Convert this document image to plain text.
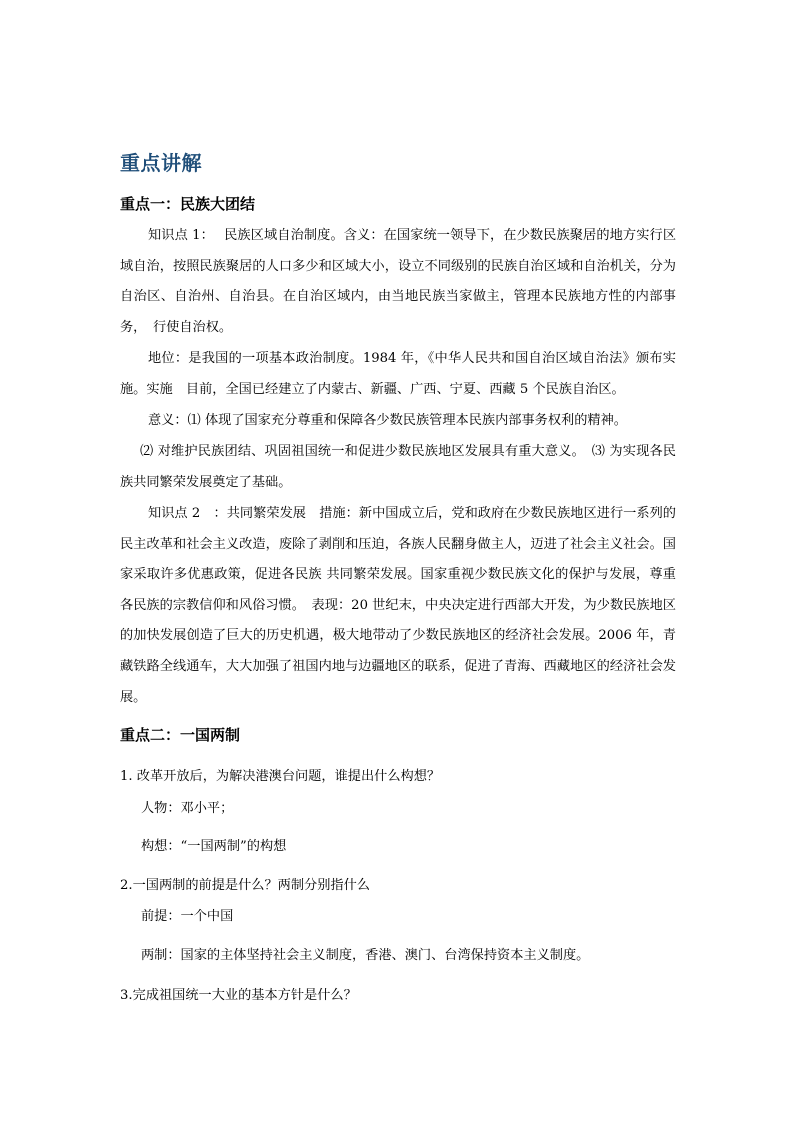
重点讲解
重点一：民族大团结
知识点 1： 民族区域自治制度。含义：在国家统一领导下，在少数民族聚居的地方实行区域自治，按照民族聚居的人口多少和区域大小，设立不同级别的民族自治区域和自治机关，分为自治区、自治州、自治县。在自治区域内，由当地民族当家做主，管理本民族地方性的内部事务，　行使自治权。
地位：是我国的一项基本政治制度。1984 年，《中华人民共和国自治区域自治法》颁布实施。实施　目前，全国已经建立了内蒙古、新疆、广西、宁夏、西藏 5 个民族自治区。
意义：⑴ 体现了国家充分尊重和保障各少数民族管理本民族内部事务权利的精神。
⑵ 对维护民族团结、巩固祖国统一和促进少数民族地区发展具有重大意义。　⑶ 为实现各民族共同繁荣发展奠定了基础。
知识点 2　：共同繁荣发展　措施：新中国成立后，党和政府在少数民族地区进行一系列的民主改革和社会主义改造，废除了剥削和压迫，各族人民翻身做主人，迈进了社会主义社会。国家采取许多优惠政策，促进各民族 共同繁荣发展。国家重视少数民族文化的保护与发展，尊重各民族的宗教信仰和风俗习惯。　表现：20 世纪末，中央决定进行西部大开发，为少数民族地区的加快发展创造了巨大的历史机遇，极大地带动了少数民族地区的经济社会发展。2006 年，青藏铁路全线通车，大大加强了祖国内地与边疆地区的联系，促进了青海、西藏地区的经济社会发展。
重点二：一国两制
1. 改革开放后，为解决港澳台问题，谁提出什么构想？
人物：邓小平；
构想：“一国两制”的构想
2.一国两制的前提是什么？两制分别指什么
前提：一个中国
两制：国家的主体坚持社会主义制度，香港、澳门、台湾保持资本主义制度。
3.完成祖国统一大业的基本方针是什么？
